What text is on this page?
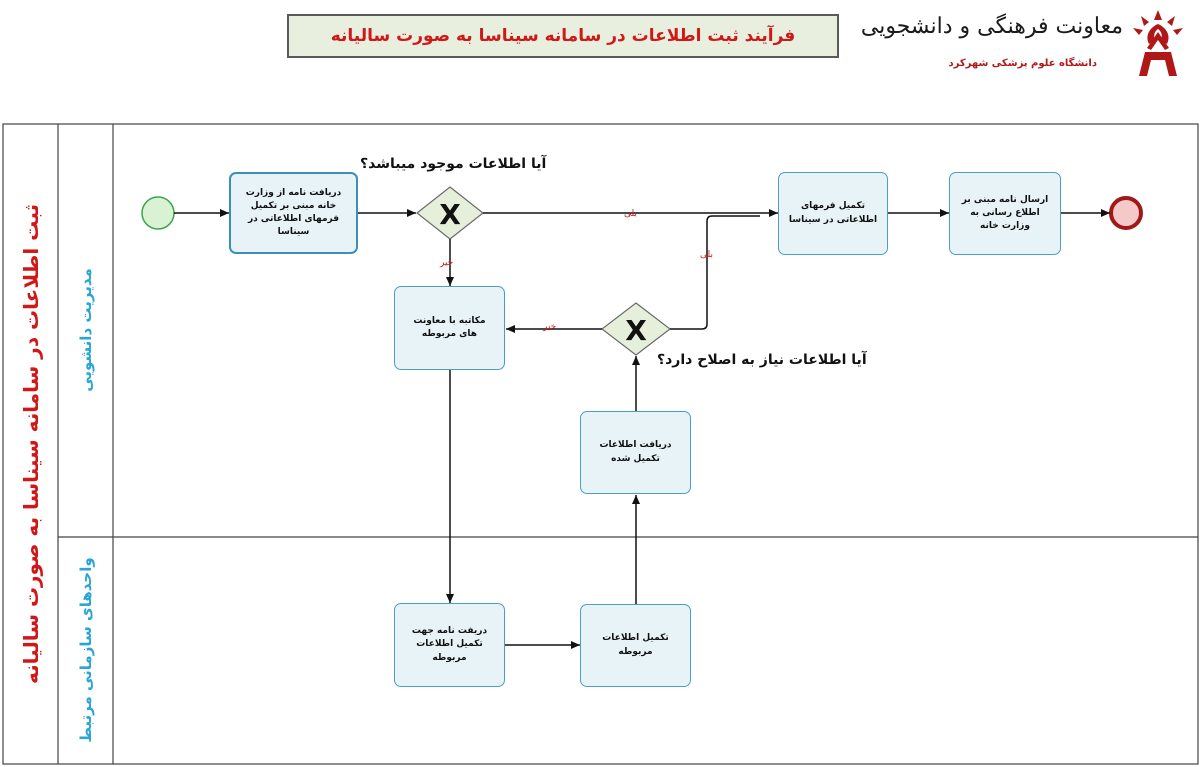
فرآیند ثبت اطلاعات در سامانه سیناسا به صورت سالیانه	معاونت فرهنگی و دانشجویی
دانشگاه علوم پزشکی شهرکرد
X
X
ثبت اطلاعات در سامانه سیناسا به صورت سالیانه مدیریت دانشویی
واحدهای سازمانی مرتبط
دریافت نامه از وزارت خانه مبنی بر تکمیل فرمهای اطلاعاتی در سیناسا
تکمیل فرمهای اطلاعاتی در سیناسا
ارسال نامه مبنی بر اطلاع رسانی به وزارت خانه
مکاتبه با معاونت های مربوطه
دریافت اطلاعات تکمیل شده
دریفت نامه جهت تکمیل اطلاعات مربوطه
تکمیل اطلاعات مربوطه
آیا اطلاعات موجود میباشد؟
آیا اطلاعات نیاز به اصلاح دارد؟
بلی
بلی
خیر
خیر
